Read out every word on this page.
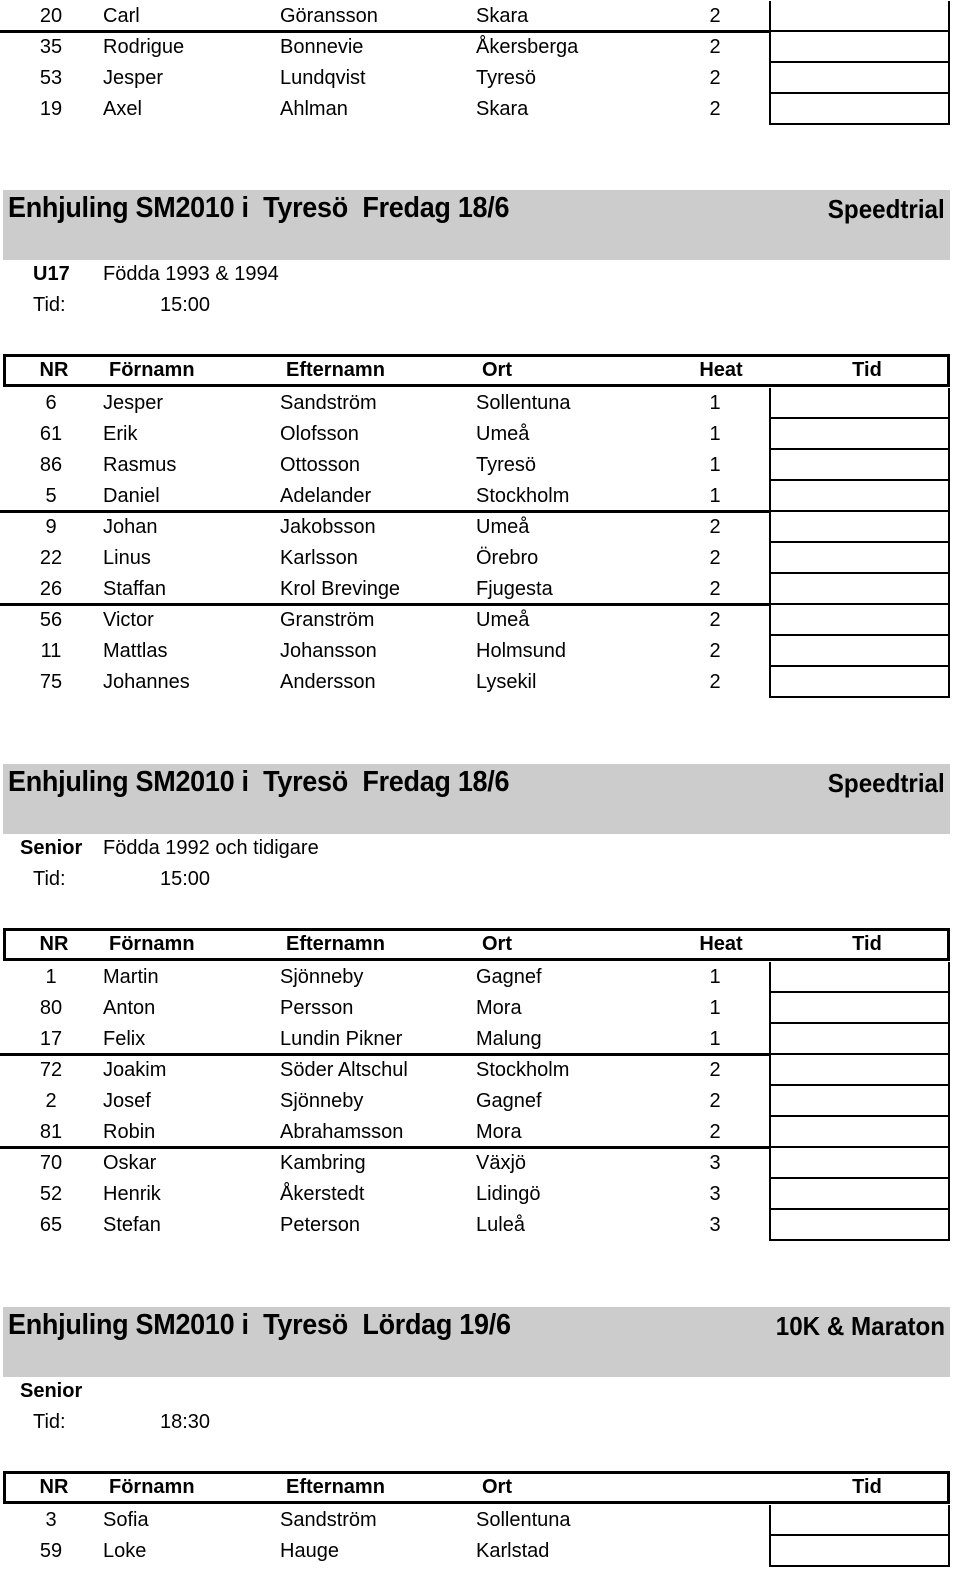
20	Carl	Göransson	Skara	2
35	Rodrigue	Bonnevie	Åkersberga	2
53	Jesper	Lundqvist	Tyresö	2
19	Axel	Ahlman	Skara	2
Enhjuling SM2010 i  Tyresö  Fredag 18/6	Speedtrial
U17 Födda 1993 & 1994
Tid:	15:00
NR	Förnamn	Efternamn	Ort	Heat	Tid
6	Jesper	Sandström	Sollentuna	1
61	Erik	Olofsson	Umeå	1
86	Rasmus	Ottosson	Tyresö	1
5	Daniel	Adelander	Stockholm	1
9	Johan	Jakobsson	Umeå	2
22	Linus	Karlsson	Örebro	2
26	Staffan	Krol Brevinge	Fjugesta	2
56	Victor	Granström	Umeå	2
11	Mattlas	Johansson	Holmsund	2
75	Johannes	Andersson	Lysekil	2
Enhjuling SM2010 i  Tyresö  Fredag 18/6	Speedtrial
Senior Födda 1992 och tidigare
Tid:	15:00
NR	Förnamn	Efternamn	Ort	Heat	Tid
1	Martin	Sjönneby	Gagnef	1
80	Anton	Persson	Mora	1
17	Felix	Lundin Pikner	Malung	1
72	Joakim	Söder Altschul	Stockholm	2
2	Josef	Sjönneby	Gagnef	2
81	Robin	Abrahamsson	Mora	2
70	Oskar	Kambring	Växjö	3
52	Henrik	Åkerstedt	Lidingö	3
65	Stefan	Peterson	Luleå	3
Enhjuling SM2010 i  Tyresö  Lördag 19/6	10K & Maraton
Senior
Tid:	18:30
NR	Förnamn	Efternamn	Ort	Tid
3	Sofia	Sandström	Sollentuna
59	Loke	Hauge	Karlstad
